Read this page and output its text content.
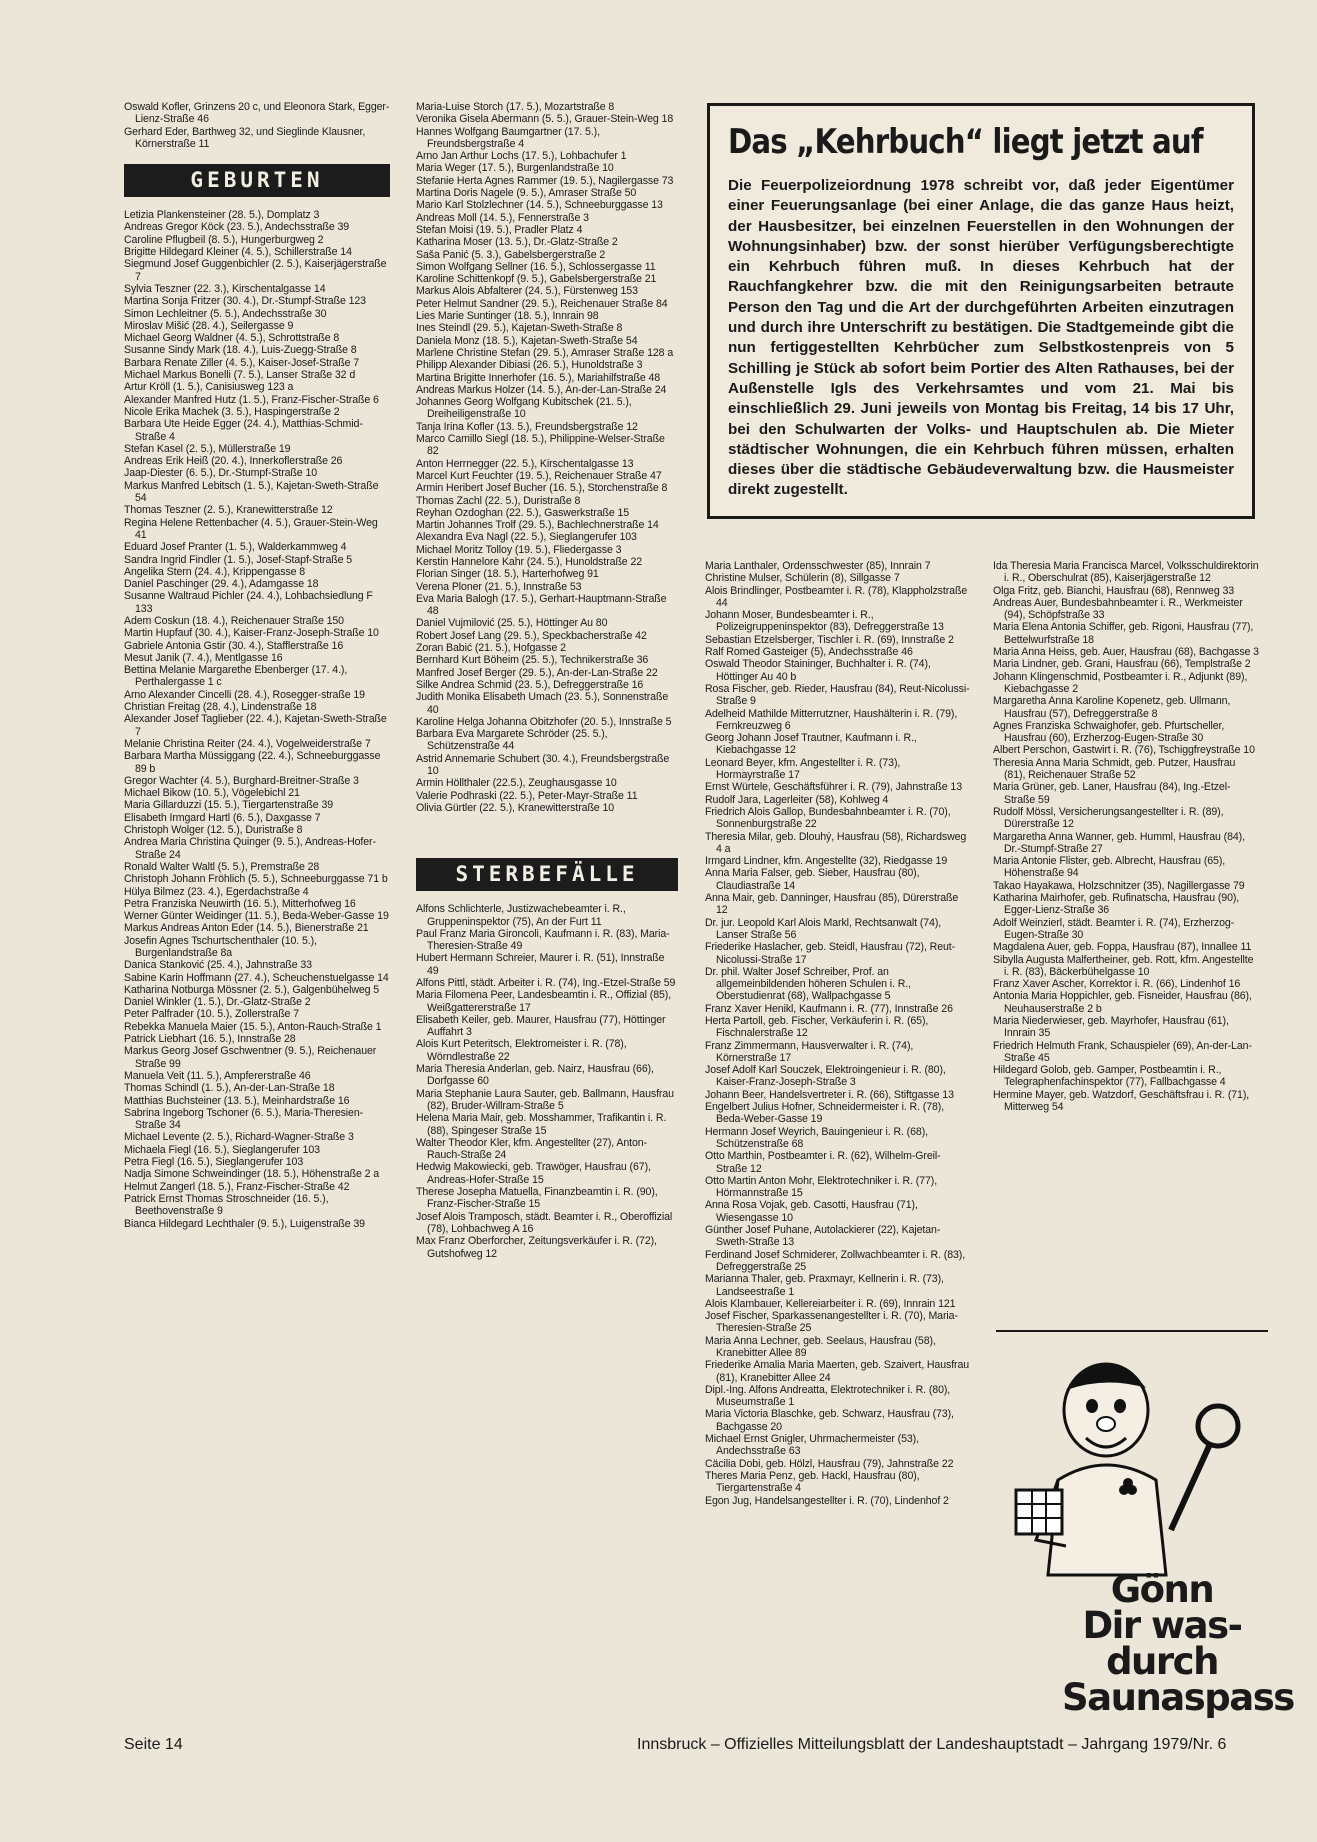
Oswald Kofler, Grinzens 20 c, und Eleonora Stark, Egger-Lienz-Straße 46

Gerhard Eder, Barthweg 32, und Sieglinde Klausner, Körnerstraße 11

GEBURTEN

Letizia Plankensteiner (28. 5.), Domplatz 3

Andreas Gregor Köck (23. 5.), Andechsstraße 39

Caroline Pflugbeil (8. 5.), Hungerburgweg 2

Brigitte Hildegard Kleiner (4. 5.), Schillerstraße 14

Siegmund Josef Guggenbichler (2. 5.), Kaiserjägerstraße 7

Sylvia Teszner (22. 3.), Kirschentalgasse 14

Martina Sonja Fritzer (30. 4.), Dr.-Stumpf-Straße 123

Simon Lechleitner (5. 5.), Andechsstraße 30

Miroslav Mišić (28. 4.), Seilergasse 9

Michael Georg Waldner (4. 5.), Schrottstraße 8

Susanne Sindy Mark (18. 4.), Luis-Zuegg-Straße 8

Barbara Renate Ziller (4. 5.), Kaiser-Josef-Straße 7

Michael Markus Bonelli (7. 5.), Lanser Straße 32 d

Artur Kröll (1. 5.), Canisiusweg 123 a

Alexander Manfred Hutz (1. 5.), Franz-Fischer-Straße 6

Nicole Erika Machek (3. 5.), Haspingerstraße 2

Barbara Ute Heide Egger (24. 4.), Matthias-Schmid-Straße 4

Stefan Kasel (2. 5.), Müllerstraße 19

Andreas Erik Heiß (20. 4.), Innerkoflerstraße 26

Jaap-Diester (6. 5.), Dr.-Stumpf-Straße 10

Markus Manfred Lebitsch (1. 5.), Kajetan-Sweth-Straße 54

Thomas Teszner (2. 5.), Kranewitterstraße 12

Regina Helene Rettenbacher (4. 5.), Grauer-Stein-Weg 41

Eduard Josef Pranter (1. 5.), Walderkammweg 4

Sandra Ingrid Findler (1. 5.), Josef-Stapf-Straße 5

Angelika Stern (24. 4.), Krippengasse 8

Daniel Paschinger (29. 4.), Adamgasse 18

Susanne Waltraud Pichler (24. 4.), Lohbachsiedlung F 133

Adem Coskun (18. 4.), Reichenauer Straße 150

Martin Hupfauf (30. 4.), Kaiser-Franz-Joseph-Straße 10

Gabriele Antonia Gstir (30. 4.), Stafflerstraße 16

Mesut Janik (7. 4.), Mentlgasse 16

Bettina Melanie Margarethe Ebenberger (17. 4.), Perthalergasse 1 c

Arno Alexander Cincelli (28. 4.), Rosegger-straße 19

Christian Freitag (28. 4.), Lindenstraße 18

Alexander Josef Taglieber (22. 4.), Kajetan-Sweth-Straße 7

Melanie Christina Reiter (24. 4.), Vogelweiderstraße 7

Barbara Martha Müssiggang (22. 4.), Schneeburggasse 89 b

Gregor Wachter (4. 5.), Burghard-Breitner-Straße 3

Michael Bikow (10. 5.), Vögelebichl 21

Maria Gillarduzzi (15. 5.), Tiergartenstraße 39

Elisabeth Irmgard Hartl (6. 5.), Daxgasse 7

Christoph Wolger (12. 5.), Duristraße 8

Andrea Maria Christina Quinger (9. 5.), Andreas-Hofer-Straße 24

Ronald Walter Waltl (5. 5.), Premstraße 28

Christoph Johann Fröhlich (5. 5.), Schneeburggasse 71 b

Hülya Bilmez (23. 4.), Egerdachstraße 4

Petra Franziska Neuwirth (16. 5.), Mitterhofweg 16

Werner Günter Weidinger (11. 5.), Beda-Weber-Gasse 19

Markus Andreas Anton Eder (14. 5.), Bienerstraße 21

Josefin Agnes Tschurtschenthaler (10. 5.), Burgenlandstraße 8a

Danica Stanković (25. 4.), Jahnstraße 33

Sabine Karin Hoffmann (27. 4.), Scheuchenstuelgasse 14

Katharina Notburga Mössner (2. 5.), Galgenbühelweg 5

Daniel Winkler (1. 5.), Dr.-Glatz-Straße 2

Peter Palfrader (10. 5.), Zollerstraße 7

Rebekka Manuela Maier (15. 5.), Anton-Rauch-Straße 1

Patrick Liebhart (16. 5.), Innstraße 28

Markus Georg Josef Gschwentner (9. 5.), Reichenauer Straße 99

Manuela Veit (11. 5.), Ampfererstraße 46

Thomas Schindl (1. 5.), An-der-Lan-Straße 18

Matthias Buchsteiner (13. 5.), Meinhardstraße 16

Sabrina Ingeborg Tschoner (6. 5.), Maria-Theresien-Straße 34

Michael Levente (2. 5.), Richard-Wagner-Straße 3

Michaela Fiegl (16. 5.), Sieglangerufer 103

Petra Fiegl (16. 5.), Sieglangerufer 103

Nadja Simone Schweindinger (18. 5.), Höhenstraße 2 a

Helmut Zangerl (18. 5.), Franz-Fischer-Straße 42

Patrick Ernst Thomas Stroschneider (16. 5.), Beethovenstraße 9

Bianca Hildegard Lechthaler (9. 5.), Luigenstraße 39

Maria-Luise Storch (17. 5.), Mozartstraße 8

Veronika Gisela Abermann (5. 5.), Grauer-Stein-Weg 18

Hannes Wolfgang Baumgartner (17. 5.), Freundsbergstraße 4

Arno Jan Arthur Lochs (17. 5.), Lohbachufer 1

Maria Weger (17. 5.), Burgenlandstraße 10

Stefanie Herta Agnes Rammer (19. 5.), Nagilergasse 73

Martina Doris Nagele (9. 5.), Amraser Straße 50

Mario Karl Stolzlechner (14. 5.), Schneeburggasse 13

Andreas Moll (14. 5.), Fennerstraße 3

Stefan Moisi (19. 5.), Pradler Platz 4

Katharina Moser (13. 5.), Dr.-Glatz-Straße 2

Saša Panić (5. 3.), Gabelsbergerstraße 2

Simon Wolfgang Sellner (16. 5.), Schlossergasse 11

Karoline Schittenkopf (9. 5.), Gabelsbergerstraße 21

Markus Alois Abfalterer (24. 5.), Fürstenweg 153

Peter Helmut Sandner (29. 5.), Reichenauer Straße 84

Lies Marie Suntinger (18. 5.), Innrain 98

Ines Steindl (29. 5.), Kajetan-Sweth-Straße 8

Daniela Monz (18. 5.), Kajetan-Sweth-Straße 54

Marlene Christine Stefan (29. 5.), Amraser Straße 128 a

Philipp Alexander Dibiasi (26. 5.), Hunoldstraße 3

Martina Brigitte Innerhofer (16. 5.), Mariahilfstraße 48

Andreas Markus Holzer (14. 5.), An-der-Lan-Straße 24

Johannes Georg Wolfgang Kubitschek (21. 5.), Dreiheiligenstraße 10

Tanja Irina Kofler (13. 5.), Freundsbergstraße 12

Marco Camillo Siegl (18. 5.), Philippine-Welser-Straße 82

Anton Herrnegger (22. 5.), Kirschentalgasse 13

Marcel Kurt Feuchter (19. 5.), Reichenauer Straße 47

Armin Heribert Josef Bucher (16. 5.), Storchenstraße 8

Thomas Zachl (22. 5.), Duristraße 8

Reyhan Ozdoghan (22. 5.), Gaswerkstraße 15

Martin Johannes Trolf (29. 5.), Bachlechnerstraße 14

Alexandra Eva Nagl (22. 5.), Sieglangerufer 103

Michael Moritz Tolloy (19. 5.), Fliedergasse 3

Kerstin Hannelore Kahr (24. 5.), Hunoldstraße 22

Florian Singer (18. 5.), Harterhofweg 91

Verena Ploner (21. 5.), Innstraße 53

Eva Maria Balogh (17. 5.), Gerhart-Hauptmann-Straße 48

Daniel Vujmilović (25. 5.), Höttinger Au 80

Robert Josef Lang (29. 5.), Speckbacherstraße 42

Zoran Babić (21. 5.), Hofgasse 2

Bernhard Kurt Böheim (25. 5.), Technikerstraße 36

Manfred Josef Berger (29. 5.), An-der-Lan-Straße 22

Silke Andrea Schmid (23. 5.), Defreggerstraße 16

Judith Monika Elisabeth Umach (23. 5.), Sonnenstraße 40

Karoline Helga Johanna Obitzhofer (20. 5.), Innstraße 5

Barbara Eva Margarete Schröder (25. 5.), Schützenstraße 44

Astrid Annemarie Schubert (30. 4.), Freundsbergstraße 10

Armin Höllthaler (22.5.), Zeughausgasse 10

Valerie Podhraski (22. 5.), Peter-Mayr-Straße 11

Olivia Gürtler (22. 5.), Kranewitterstraße 10

STERBEFÄLLE

Alfons Schlichterle, Justizwachebeamter i. R., Gruppeninspektor (75), An der Furt 11

Paul Franz Maria Gironcoli, Kaufmann i. R. (83), Maria-Theresien-Straße 49

Hubert Hermann Schreier, Maurer i. R. (51), Innstraße 49

Alfons Pittl, städt. Arbeiter i. R. (74), Ing.-Etzel-Straße 59

Maria Filomena Peer, Landesbeamtin i. R., Offizial (85), Weißgattererstraße 17

Elisabeth Keiler, geb. Maurer, Hausfrau (77), Höttinger Auffahrt 3

Alois Kurt Peteritsch, Elektromeister i. R. (78), Wörndlestraße 22

Maria Theresia Anderlan, geb. Nairz, Hausfrau (66), Dorfgasse 60

Maria Stephanie Laura Sauter, geb. Ballmann, Hausfrau (82), Bruder-Willram-Straße 5

Helena Maria Mair, geb. Mosshammer, Trafikantin i. R. (88), Spingeser Straße 15

Walter Theodor Kler, kfm. Angestellter (27), Anton-Rauch-Straße 24

Hedwig Makowiecki, geb. Trawöger, Hausfrau (67), Andreas-Hofer-Straße 15

Therese Josepha Matuella, Finanzbeamtin i. R. (90), Franz-Fischer-Straße 15

Josef Alois Tramposch, städt. Beamter i. R., Oberoffizial (78), Lohbachweg A 16

Max Franz Oberforcher, Zeitungsverkäufer i. R. (72), Gutshofweg 12

Das „Kehrbuch“ liegt jetzt auf
Die Feuerpolizeiordnung 1978 schreibt vor, daß jeder Eigentümer einer Feuerungsanlage (bei einer Anlage, die das ganze Haus heizt, der Hausbesitzer, bei einzelnen Feuerstellen in den Wohnungen der Wohnungsinhaber) bzw. der sonst hierüber Verfügungsberechtigte ein Kehrbuch führen muß. In dieses Kehrbuch hat der Rauchfangkehrer bzw. die mit den Reinigungsarbeiten betraute Person den Tag und die Art der durchgeführten Arbeiten einzutragen und durch ihre Unterschrift zu bestätigen. Die Stadtgemeinde gibt die nun fertiggestellten Kehrbücher zum Selbstkostenpreis von 5 Schilling je Stück ab sofort beim Portier des Alten Rathauses, bei der Außenstelle Igls des Verkehrsamtes und vom 21. Mai bis einschließlich 29. Juni jeweils von Montag bis Freitag, 14 bis 17 Uhr, bei den Schulwarten der Volks- und Hauptschulen ab. Die Mieter städtischer Wohnungen, die ein Kehrbuch führen müssen, erhalten dieses über die städtische Gebäudeverwaltung bzw. die Hausmeister direkt zugestellt.

Maria Lanthaler, Ordensschwester (85), Innrain 7

Christine Mulser, Schülerin (8), Sillgasse 7

Alois Brindlinger, Postbeamter i. R. (78), Klappholzstraße 44

Johann Moser, Bundesbeamter i. R., Polizeigruppeninspektor (83), Defreggerstraße 13

Sebastian Etzelsberger, Tischler i. R. (69), Innstraße 2

Ralf Romed Gasteiger (5), Andechsstraße 46

Oswald Theodor Staininger, Buchhalter i. R. (74), Höttinger Au 40 b

Rosa Fischer, geb. Rieder, Hausfrau (84), Reut-Nicolussi-Straße 9

Adelheid Mathilde Mitterrutzner, Haushälterin i. R. (79), Fernkreuzweg 6

Georg Johann Josef Trautner, Kaufmann i. R., Kiebachgasse 12

Leonard Beyer, kfm. Angestellter i. R. (73), Hormayrstraße 17

Ernst Würtele, Geschäftsführer i. R. (79), Jahnstraße 13

Rudolf Jara, Lagerleiter (58), Kohlweg 4

Friedrich Alois Gallop, Bundesbahnbeamter i. R. (70), Sonnenburgstraße 22

Theresia Milar, geb. Dlouhý, Hausfrau (58), Richardsweg 4 a

Irmgard Lindner, kfm. Angestellte (32), Riedgasse 19

Anna Maria Falser, geb. Sieber, Hausfrau (80), Claudiastraße 14

Anna Mair, geb. Danninger, Hausfrau (85), Dürerstraße 12

Dr. jur. Leopold Karl Alois Markl, Rechtsanwalt (74), Lanser Straße 56

Friederike Haslacher, geb. Steidl, Hausfrau (72), Reut-Nicolussi-Straße 17

Dr. phil. Walter Josef Schreiber, Prof. an allgemeinbildenden höheren Schulen i. R., Oberstudienrat (68), Wallpachgasse 5

Franz Xaver Henikl, Kaufmann i. R. (77), Innstraße 26

Herta Partoll, geb. Fischer, Verkäuferin i. R. (65), Fischnalerstraße 12

Franz Zimmermann, Hausverwalter i. R. (74), Körnerstraße 17

Josef Adolf Karl Souczek, Elektroingenieur i. R. (80), Kaiser-Franz-Joseph-Straße 3

Johann Beer, Handelsvertreter i. R. (66), Stiftgasse 13

Engelbert Julius Hofner, Schneidermeister i. R. (78), Beda-Weber-Gasse 19

Hermann Josef Weyrich, Bauingenieur i. R. (68), Schützenstraße 68

Otto Marthin, Postbeamter i. R. (62), Wilhelm-Greil-Straße 12

Otto Martin Anton Mohr, Elektrotechniker i. R. (77), Hörmannstraße 15

Anna Rosa Vojak, geb. Casotti, Hausfrau (71), Wiesengasse 10

Günther Josef Puhane, Autolackierer (22), Kajetan-Sweth-Straße 13

Ferdinand Josef Schmiderer, Zollwachbeamter i. R. (83), Defreggerstraße 25

Marianna Thaler, geb. Praxmayr, Kellnerin i. R. (73), Landseestraße 1

Alois Klambauer, Kellereiarbeiter i. R. (69), Innrain 121

Josef Fischer, Sparkassenangestellter i. R. (70), Maria-Theresien-Straße 25

Maria Anna Lechner, geb. Seelaus, Hausfrau (58), Kranebitter Allee 89

Friederike Amalia Maria Maerten, geb. Szaivert, Hausfrau (81), Kranebitter Allee 24

Dipl.-Ing. Alfons Andreatta, Elektrotechniker i. R. (80), Museumstraße 1

Maria Victoria Blaschke, geb. Schwarz, Hausfrau (73), Bachgasse 20

Michael Ernst Gnigler, Uhrmachermeister (53), Andechsstraße 63

Cäcilia Dobi, geb. Hölzl, Hausfrau (79), Jahnstraße 22

Theres Maria Penz, geb. Hackl, Hausfrau (80), Tiergartenstraße 4

Egon Jug, Handelsangestellter i. R. (70), Lindenhof 2

Ida Theresia Maria Francisca Marcel, Volksschuldirektorin i. R., Oberschulrat (85), Kaiserjägerstraße 12

Olga Fritz, geb. Bianchi, Hausfrau (68), Rennweg 33

Andreas Auer, Bundesbahnbeamter i. R., Werkmeister (94), Schöpfstraße 33

Maria Elena Antonia Schiffer, geb. Rigoni, Hausfrau (77), Bettelwurfstraße 18

Maria Anna Heiss, geb. Auer, Hausfrau (68), Bachgasse 3

Maria Lindner, geb. Grani, Hausfrau (66), Templstraße 2

Johann Klingenschmid, Postbeamter i. R., Adjunkt (89), Kiebachgasse 2

Margaretha Anna Karoline Kopenetz, geb. Ullmann, Hausfrau (57), Defreggerstraße 8

Agnes Franziska Schwaighofer, geb. Pfurtscheller, Hausfrau (60), Erzherzog-Eugen-Straße 30

Albert Perschon, Gastwirt i. R. (76), Tschiggfreystraße 10

Theresia Anna Maria Schmidt, geb. Putzer, Hausfrau (81), Reichenauer Straße 52

Maria Grüner, geb. Laner, Hausfrau (84), Ing.-Etzel-Straße 59

Rudolf Mössl, Versicherungsangestellter i. R. (89), Dürerstraße 12

Margaretha Anna Wanner, geb. Humml, Hausfrau (84), Dr.-Stumpf-Straße 27

Maria Antonie Flister, geb. Albrecht, Hausfrau (65), Höhenstraße 94

Takao Hayakawa, Holzschnitzer (35), Nagillergasse 79

Katharina Mairhofer, geb. Rufinatscha, Hausfrau (90), Egger-Lienz-Straße 36

Adolf Weinzierl, städt. Beamter i. R. (74), Erzherzog-Eugen-Straße 30

Magdalena Auer, geb. Foppa, Hausfrau (87), Innallee 11

Sibylla Augusta Malfertheiner, geb. Rott, kfm. Angestellte i. R. (83), Bäckerbühelgasse 10

Franz Xaver Ascher, Korrektor i. R. (66), Lindenhof 16

Antonia Maria Hoppichler, geb. Fisneider, Hausfrau (86), Neuhauserstraße 2 b

Maria Niederwieser, geb. Mayrhofer, Hausfrau (61), Innrain 35

Friedrich Helmuth Frank, Schauspieler (69), An-der-Lan-Straße 45

Hildegard Golob, geb. Gamper, Postbeamtin i. R., Telegraphenfachinspektor (77), Fallbachgasse 4

Hermine Mayer, geb. Watzdorf, Geschäftsfrau i. R. (71), Mitterweg 54

Gönn
Dir was-
durch
Saunaspass
Seite 14	Innsbruck – Offizielles Mitteilungsblatt der Landeshauptstadt – Jahrgang 1979/Nr. 6
